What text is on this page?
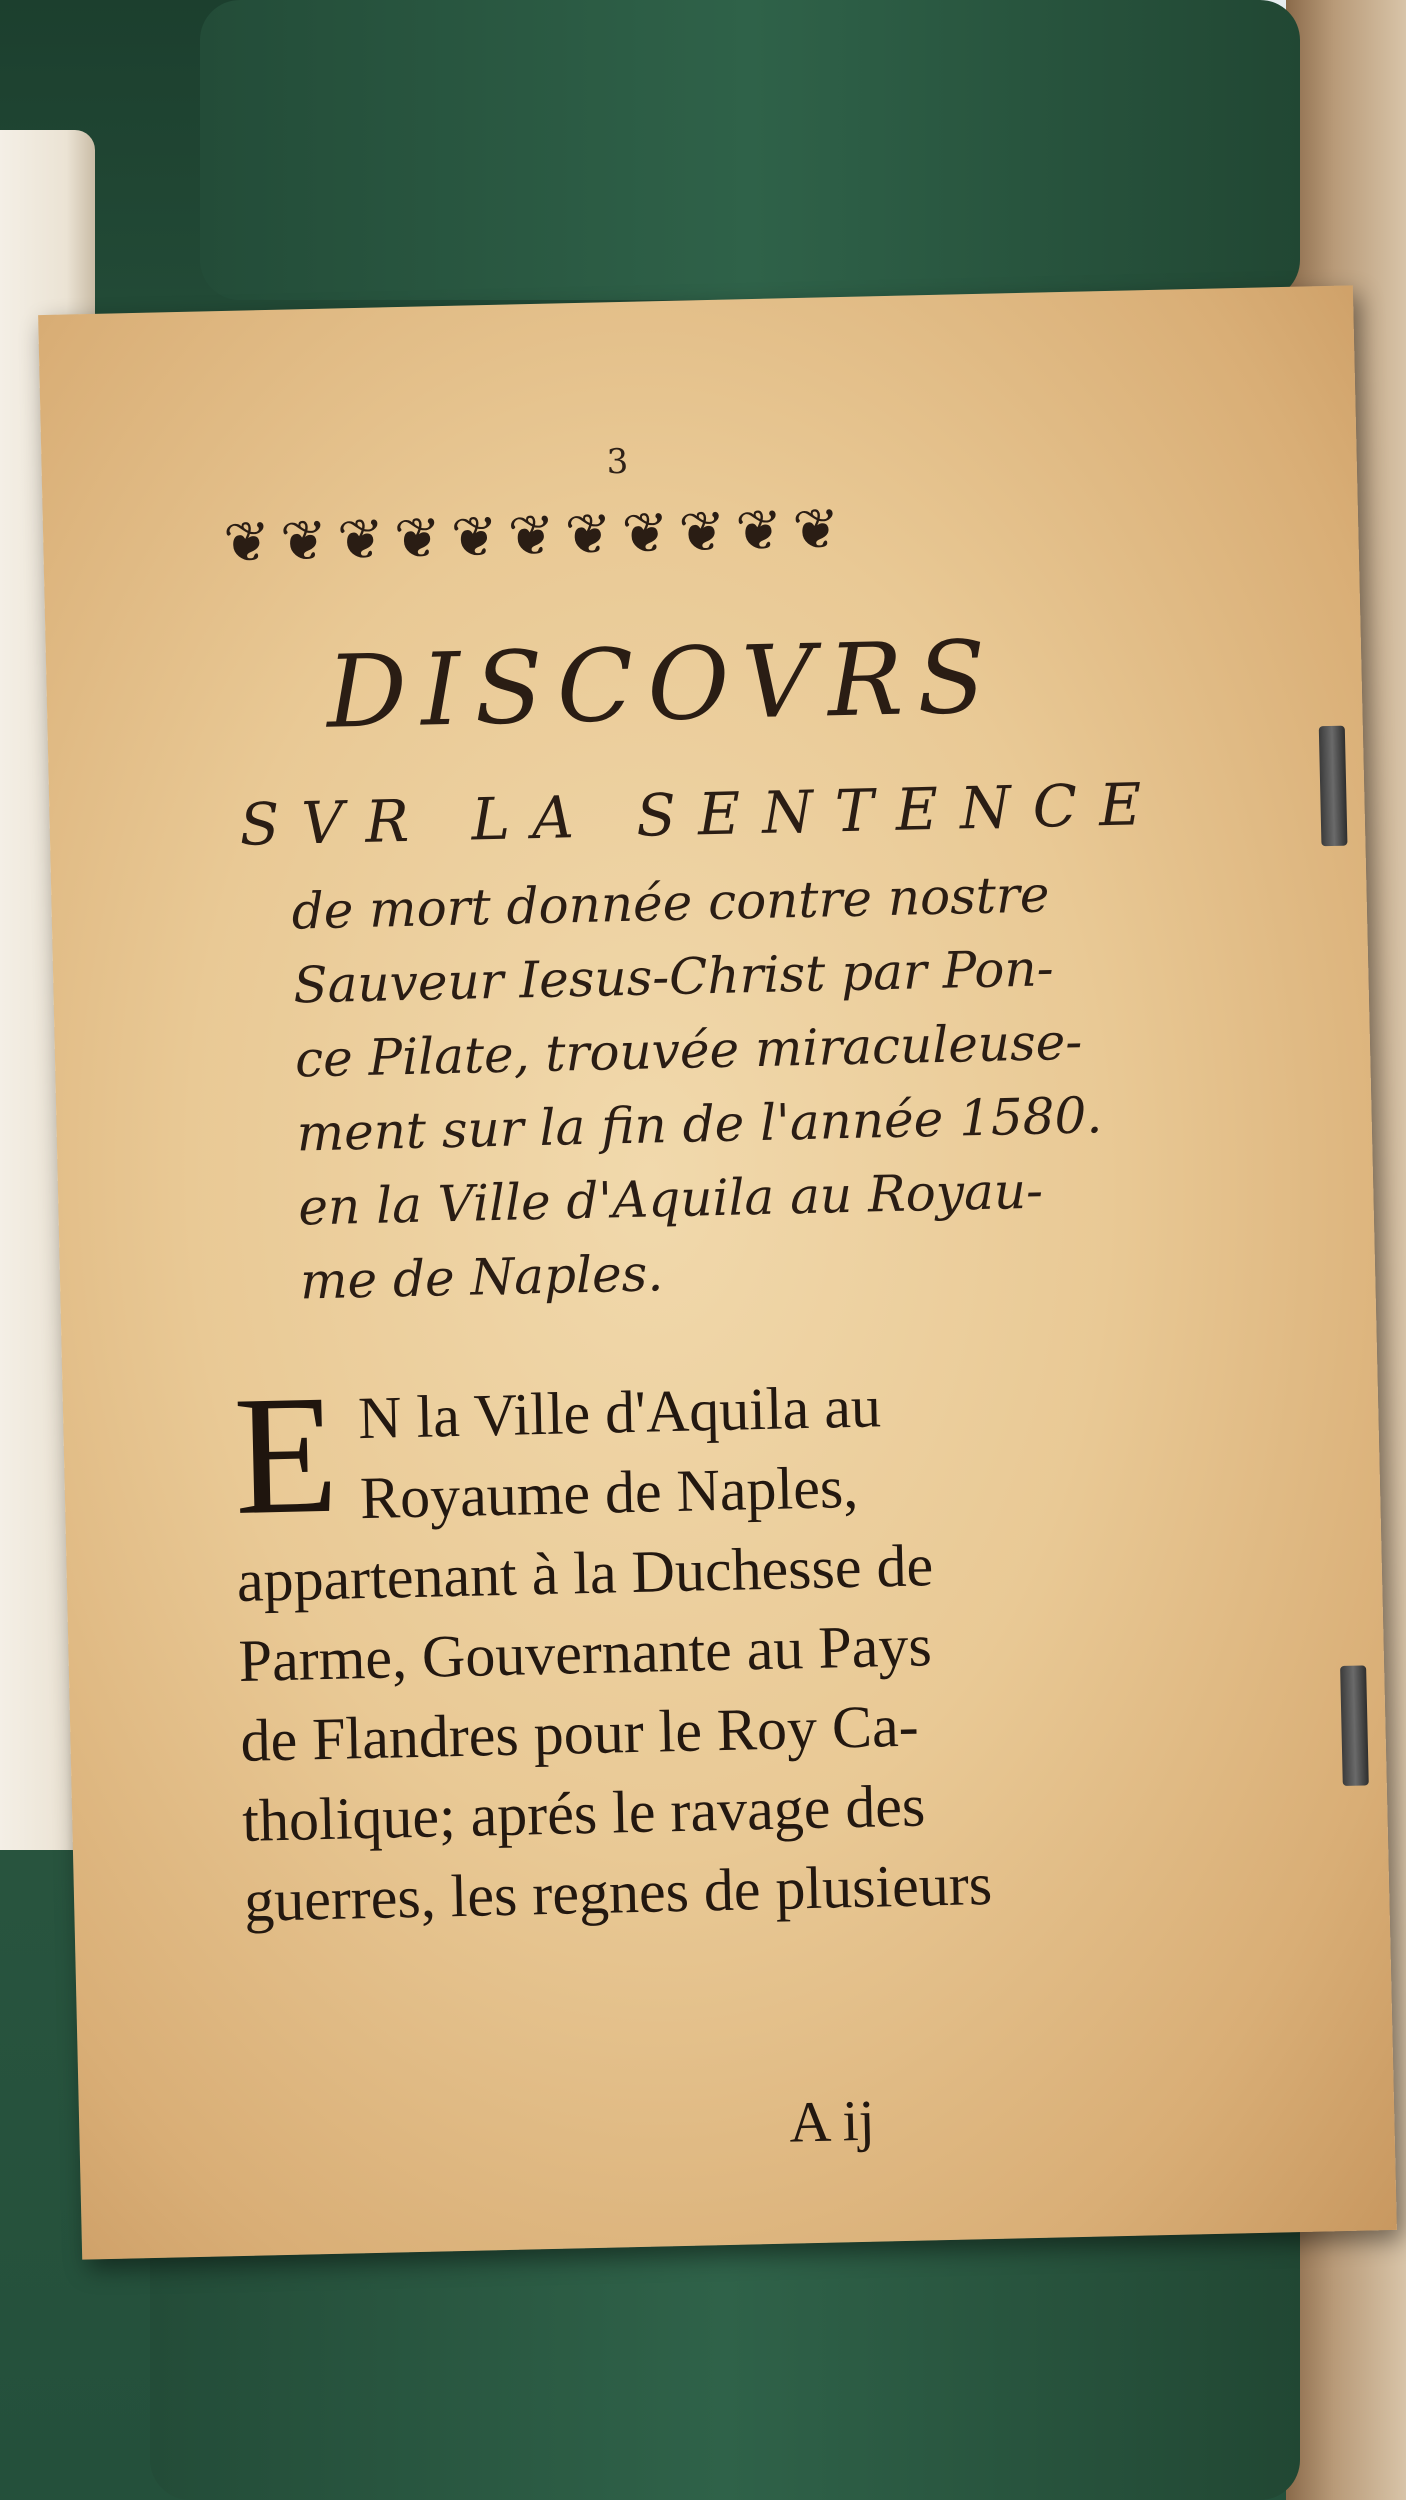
3
❦ ❦ ❦ ❦ ❦ ❦ ❦ ❦ ❦ ❦ ❦
DISCOVRS
SVR LA SENTENCE
de mort donnée contre nostre
Sauveur Iesus-Christ par Pon-
ce Pilate, trouvée miraculeuse-
ment sur la fin de l'année 1580.
en la Ville d'Aquila au Royau-
me de Naples.
E N la Ville d'Aquila au
Royaume de Naples,
appartenant à la Duchesse de
Parme, Gouvernante au Pays
de Flandres pour le Roy Ca-
tholique; aprés le ravage des
guerres, les regnes de plusieurs
A ij
